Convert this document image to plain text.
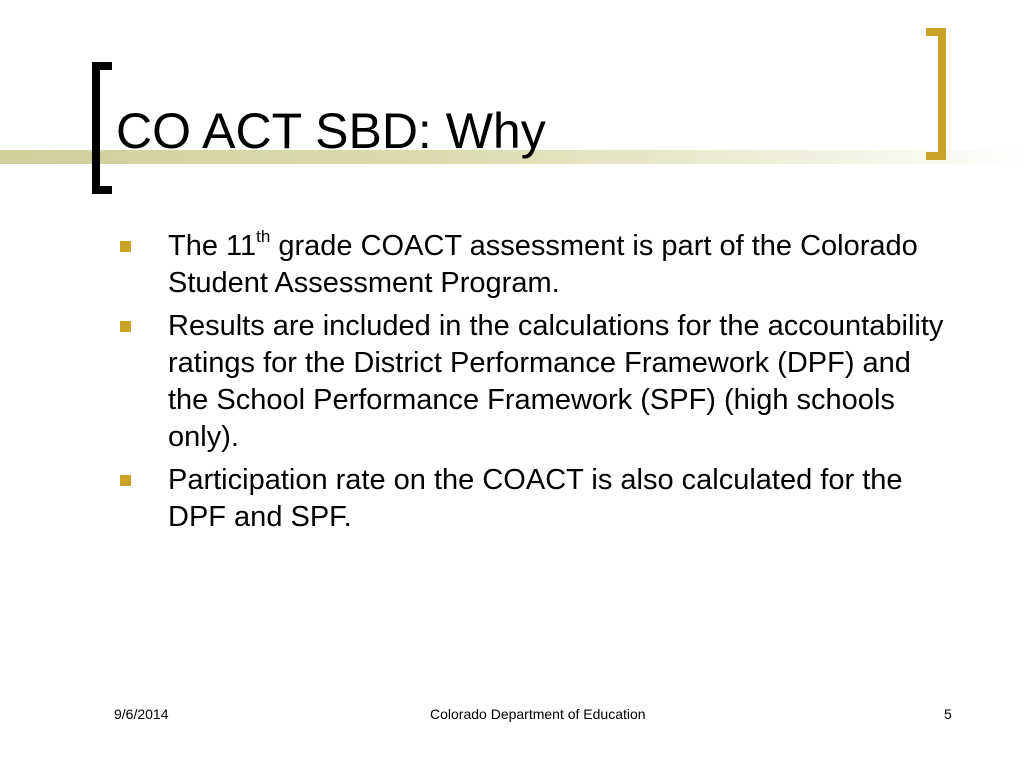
CO ACT SBD: Why
The 11th grade COACT assessment is part of the Colorado Student Assessment Program.
Results are included in the calculations for the accountability ratings for the District Performance Framework (DPF) and the School Performance Framework (SPF) (high schools only).
Participation rate on the COACT is also calculated for the DPF and SPF.
9/6/2014	Colorado Department of Education	5
